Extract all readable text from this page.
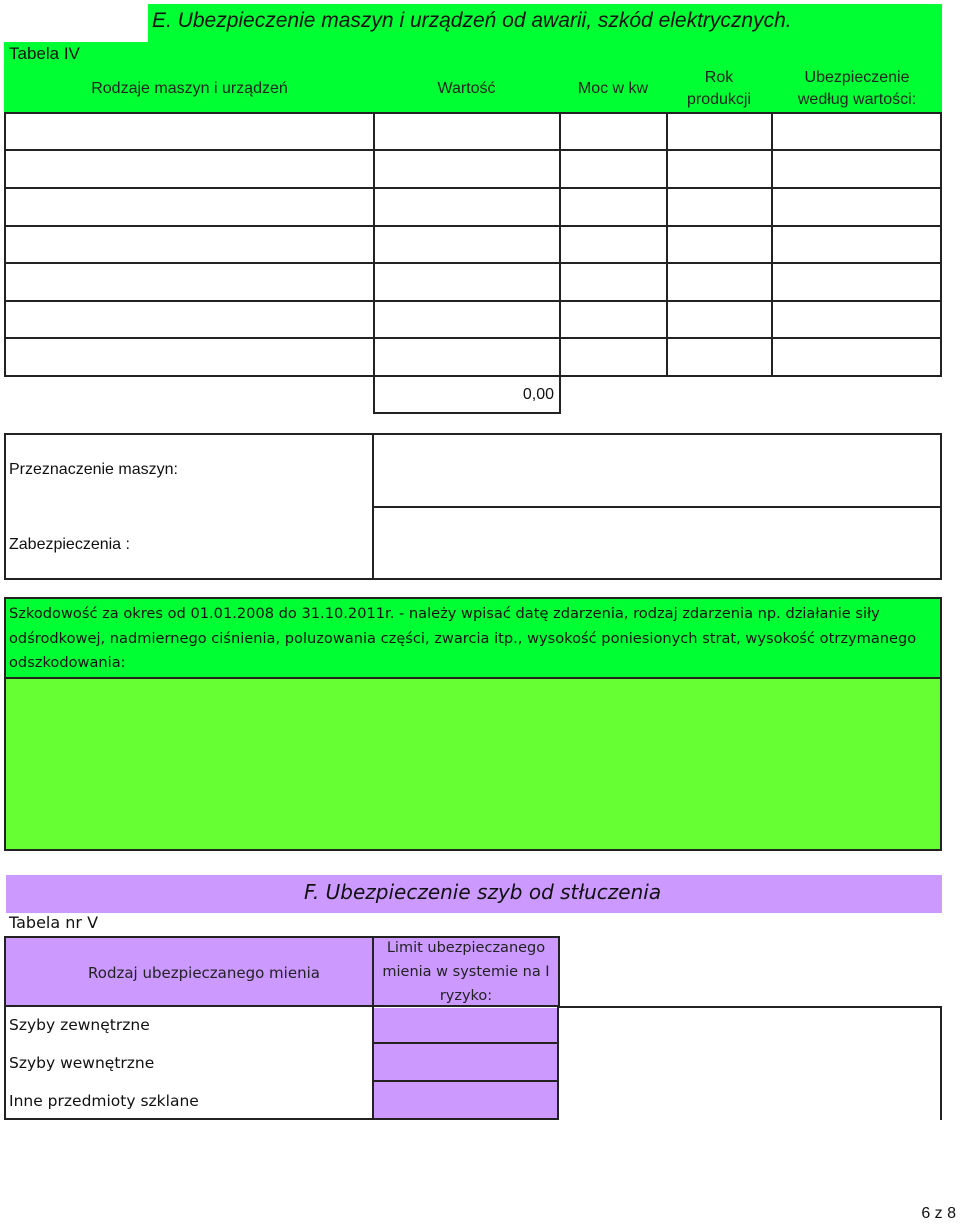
E. Ubezpieczenie maszyn i urządzeń od awarii, szkód elektrycznych.
Tabela IV
Rodzaje maszyn i urządzeń	Wartość	Moc w kw
Rok produkcji
Ubezpieczenie według wartości:
0,00
Przeznaczenie maszyn:
Zabezpieczenia :
Szkodowość za okres od 01.01.2008 do 31.10.2011r. - należy wpisać datę zdarzenia, rodzaj zdarzenia np. działanie siły odśrodkowej, nadmiernego ciśnienia, poluzowania części, zwarcia itp., wysokość poniesionych strat, wysokość otrzymanego odszkodowania:
F. Ubezpieczenie szyb od stłuczenia
Tabela nr V
Rodzaj ubezpieczanego mienia
Limit ubezpieczanego mienia w systemie na I ryzyko:
Szyby zewnętrzne
Szyby wewnętrzne
Inne przedmioty szklane
6 z 8
